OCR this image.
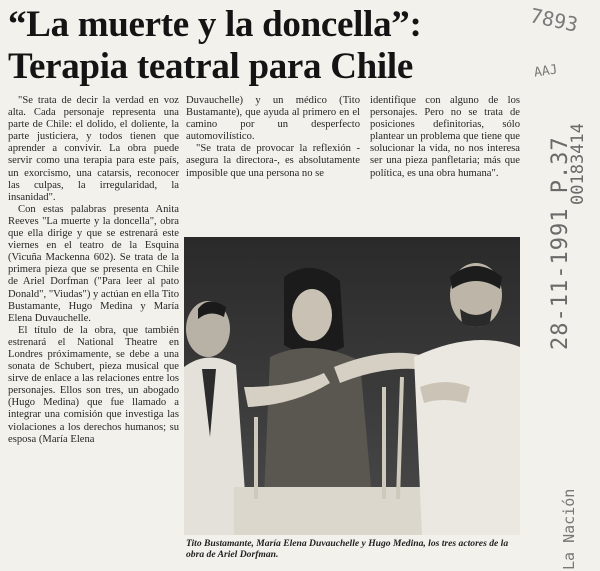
“La muerte y la doncella”:
Terapia teatral para Chile

"Se trata de decir la verdad en voz alta. Cada personaje representa una parte de Chile: el dolido, el doliente, la parte justiciera, y todos tienen que aprender a convivir. La obra puede servir como una terapia para este país, un exorcismo, una catarsis, reconocer las culpas, la irregularidad, la insanidad".

Con estas palabras presenta Anita Reeves "La muerte y la doncella", obra que ella dirige y que se estrenará este viernes en el teatro de la Esquina (Vicuña Mackenna 602). Se trata de la primera pieza que se presenta en Chile de Ariel Dorfman ("Para leer al pato Donald", "Viudas") y actúan en ella Tito Bustamante, Hugo Medina y María Elena Duvauchelle.

El título de la obra, que también estrenará el National Theatre en Londres próximamente, se debe a una sonata de Schubert, pieza musical que sirve de enlace a las relaciones entre los personajes. Ellos son tres, un abogado (Hugo Medina) que fue llamado a integrar una comisión que investiga las violaciones a los derechos humanos; su esposa (María Elena

Duvauchelle) y un médico (Tito Bustamante), que ayuda al primero en el camino por un desperfecto automovilístico.

"Se trata de provocar la reflexión -asegura la directora-, es absolutamente imposible que una persona no se

identifique con alguno de los personajes. Pero no se trata de posiciones definitorias, sólo plantear un problema que tiene que solucionar la vida, no nos interesa ser una pieza panfletaria; más que política, es una obra humana".

Tito Bustamante, María Elena Duvauchelle y Hugo Medina, los tres actores de la obra de Ariel Dorfman.

7893
AAJ
00183414
28-11-1991 P.37
La Nación
